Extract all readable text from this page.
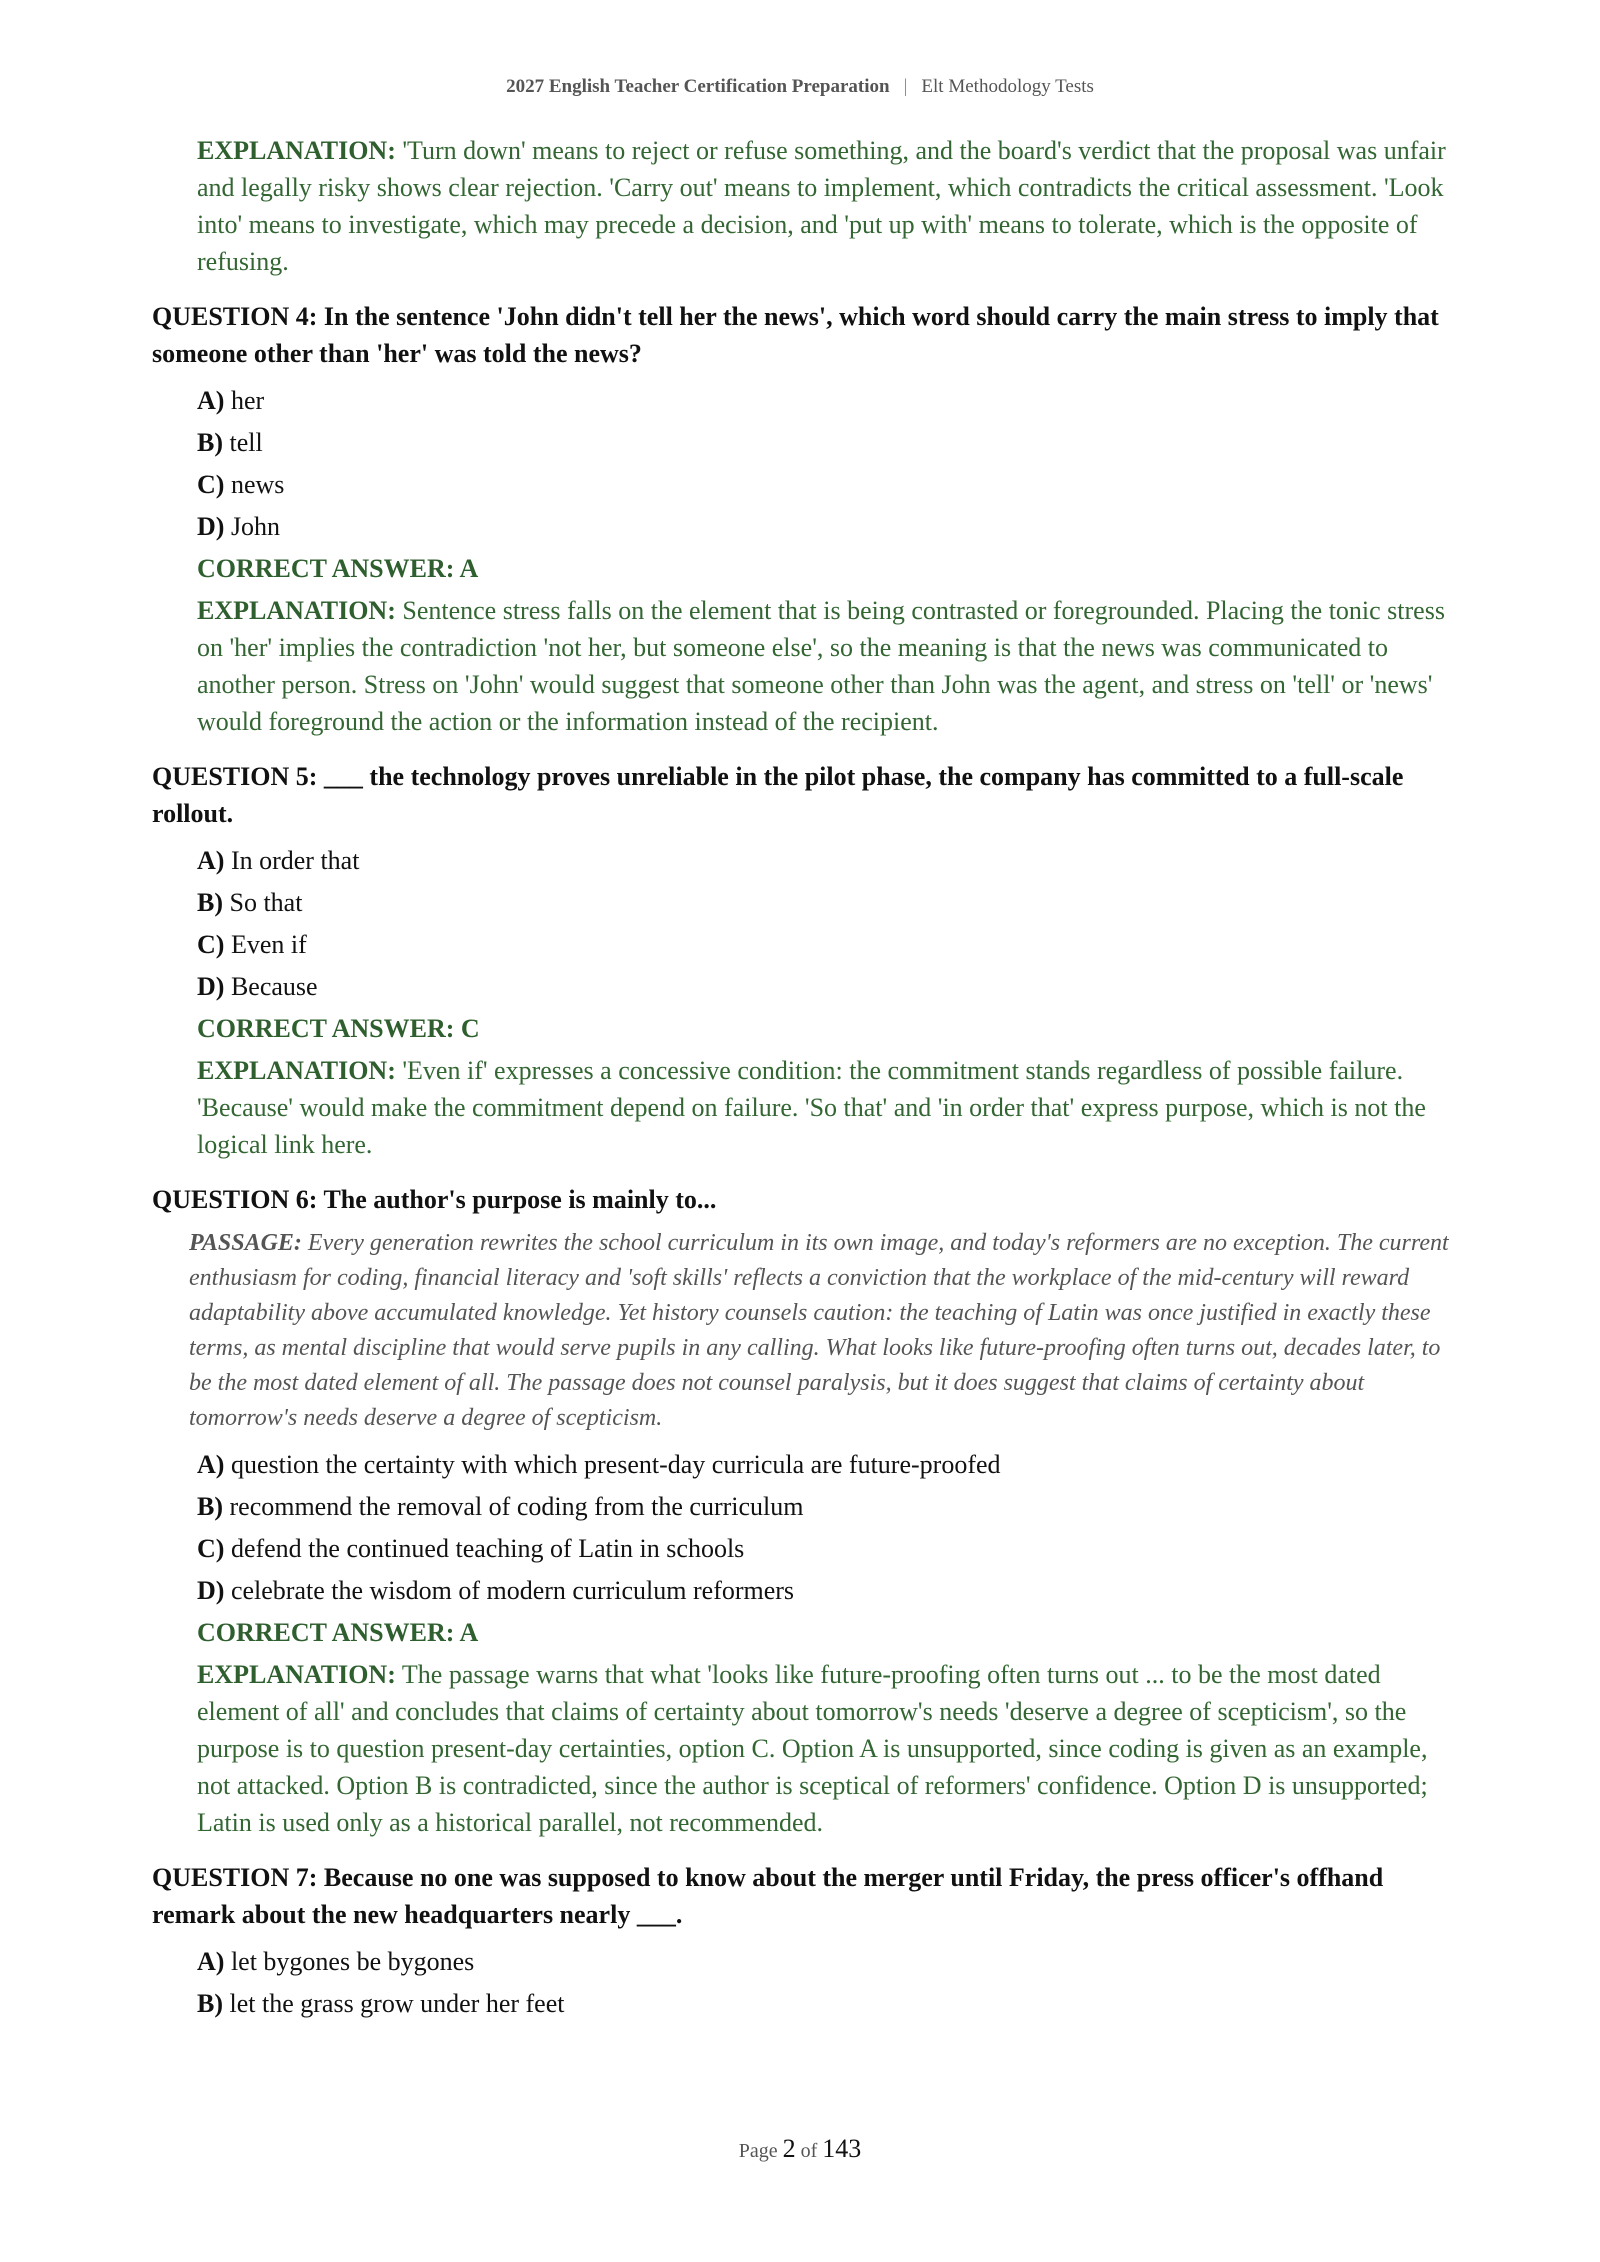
2027 English Teacher Certification Preparation | Elt Methodology Tests
EXPLANATION: 'Turn down' means to reject or refuse something, and the board's verdict that the proposal was unfair and legally risky shows clear rejection. 'Carry out' means to implement, which contradicts the critical assessment. 'Look into' means to investigate, which may precede a decision, and 'put up with' means to tolerate, which is the opposite of refusing.
QUESTION 4: In the sentence 'John didn't tell her the news', which word should carry the main stress to imply that someone other than 'her' was told the news?
A) her
B) tell
C) news
D) John
CORRECT ANSWER: A
EXPLANATION: Sentence stress falls on the element that is being contrasted or foregrounded. Placing the tonic stress on 'her' implies the contradiction 'not her, but someone else', so the meaning is that the news was communicated to another person. Stress on 'John' would suggest that someone other than John was the agent, and stress on 'tell' or 'news' would foreground the action or the information instead of the recipient.
QUESTION 5: ___ the technology proves unreliable in the pilot phase, the company has committed to a full-scale rollout.
A) In order that
B) So that
C) Even if
D) Because
CORRECT ANSWER: C
EXPLANATION: 'Even if' expresses a concessive condition: the commitment stands regardless of possible failure. 'Because' would make the commitment depend on failure. 'So that' and 'in order that' express purpose, which is not the logical link here.
QUESTION 6: The author's purpose is mainly to...
PASSAGE: Every generation rewrites the school curriculum in its own image, and today's reformers are no exception. The current enthusiasm for coding, financial literacy and 'soft skills' reflects a conviction that the workplace of the mid-century will reward adaptability above accumulated knowledge. Yet history counsels caution: the teaching of Latin was once justified in exactly these terms, as mental discipline that would serve pupils in any calling. What looks like future-proofing often turns out, decades later, to be the most dated element of all. The passage does not counsel paralysis, but it does suggest that claims of certainty about tomorrow's needs deserve a degree of scepticism.
A) question the certainty with which present-day curricula are future-proofed
B) recommend the removal of coding from the curriculum
C) defend the continued teaching of Latin in schools
D) celebrate the wisdom of modern curriculum reformers
CORRECT ANSWER: A
EXPLANATION: The passage warns that what 'looks like future-proofing often turns out ... to be the most dated element of all' and concludes that claims of certainty about tomorrow's needs 'deserve a degree of scepticism', so the purpose is to question present-day certainties, option C. Option A is unsupported, since coding is given as an example, not attacked. Option B is contradicted, since the author is sceptical of reformers' confidence. Option D is unsupported; Latin is used only as a historical parallel, not recommended.
QUESTION 7: Because no one was supposed to know about the merger until Friday, the press officer's offhand remark about the new headquarters nearly ___.
A) let bygones be bygones
B) let the grass grow under her feet
Page 2 of 143
